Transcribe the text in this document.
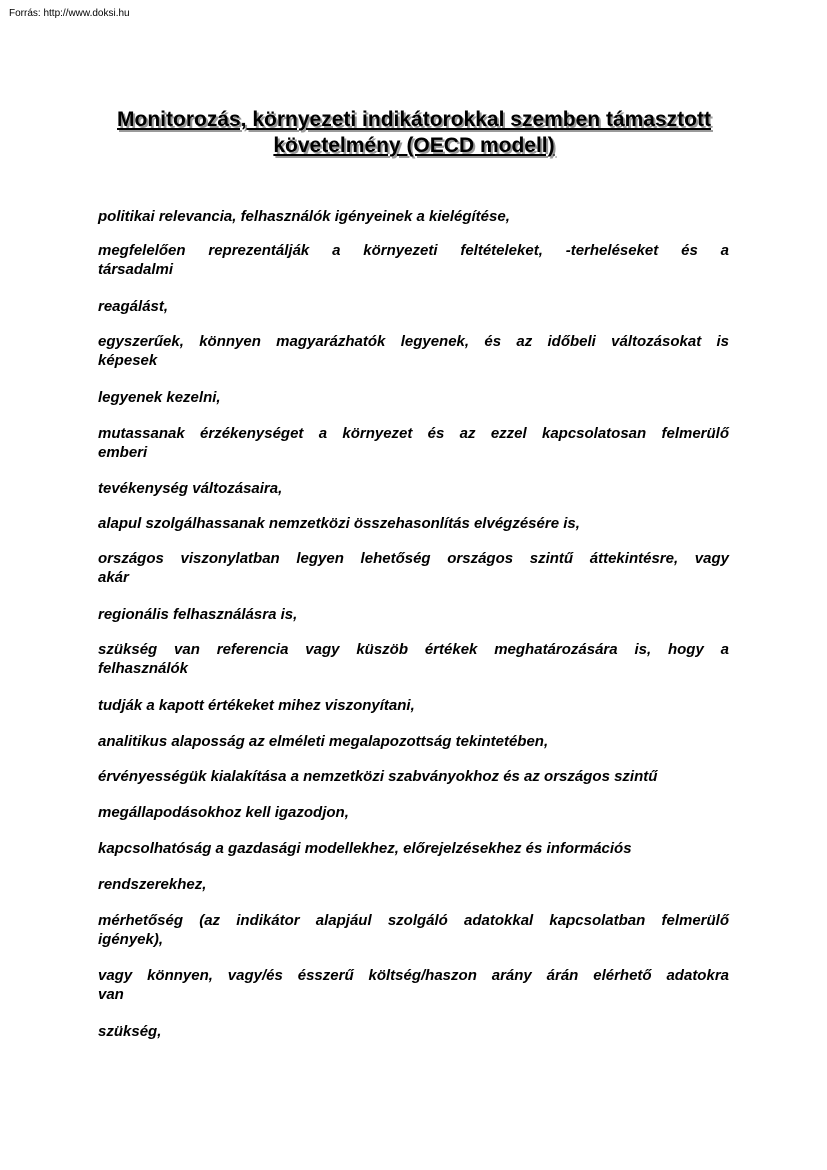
Forrás: http://www.doksi.hu
Monitorozás, környezeti indikátorokkal szemben támasztott
követelmény (OECD modell)

politikai relevancia, felhasználók igényeinek a kielégítése,

megfelelően reprezentálják a környezeti feltételeket, -terheléseket és a
társadalmi

reagálást,

egyszerűek, könnyen magyarázhatók legyenek, és az időbeli változásokat is
képesek

legyenek kezelni,

mutassanak érzékenységet a környezet és az ezzel kapcsolatosan felmerülő
emberi

tevékenység változásaira,

alapul szolgálhassanak nemzetközi összehasonlítás elvégzésére is,

országos viszonylatban legyen lehetőség országos szintű áttekintésre, vagy
akár

regionális felhasználásra is,

szükség van referencia vagy küszöb értékek meghatározására is, hogy a
felhasználók

tudják a kapott értékeket mihez viszonyítani,

analitikus alaposság az elméleti megalapozottság tekintetében,

érvényességük kialakítása a nemzetközi szabványokhoz és az országos szintű

megállapodásokhoz kell igazodjon,

kapcsolhatóság a gazdasági modellekhez, előrejelzésekhez és információs

rendszerekhez,

mérhetőség (az indikátor alapjául szolgáló adatokkal kapcsolatban felmerülő
igények),

vagy könnyen, vagy/és ésszerű költség/haszon arány árán elérhető adatokra
van

szükség,
